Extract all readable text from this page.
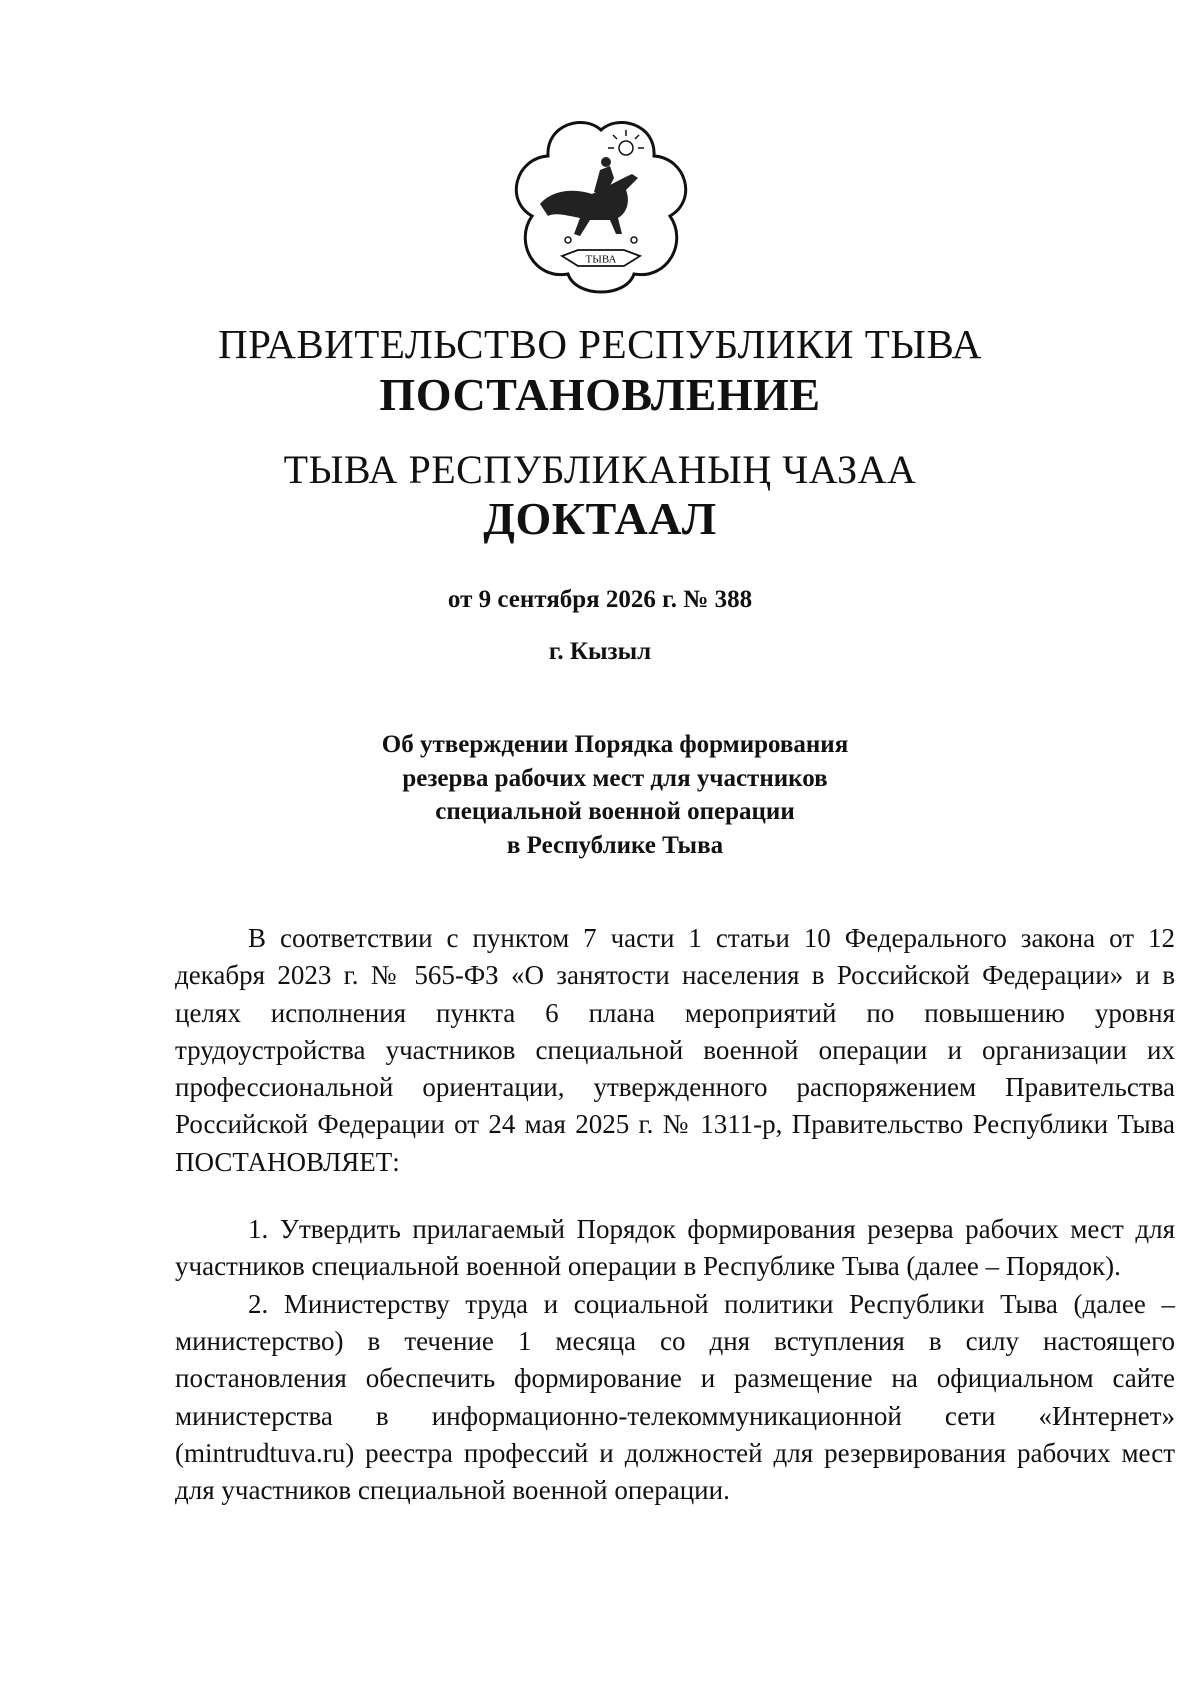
ТЫВА
ПРАВИТЕЛЬСТВО РЕСПУБЛИКИ ТЫВА
ПОСТАНОВЛЕНИЕ
ТЫВА РЕСПУБЛИКАНЫҢ ЧАЗАА
ДОКТААЛ
от 9 сентября 2026 г. № 388
г. Кызыл
Об утверждении Порядка формирования
резерва рабочих мест для участников
специальной военной операции
в Республике Тыва

В соответствии с пунктом 7 части 1 статьи 10 Федерального закона от 12 декабря 2023 г. № 565-ФЗ «О занятости населения в Российской Федерации» и в целях исполнения пункта 6 плана мероприятий по повышению уровня трудоустройства участников специальной военной операции и организации их профессиональной ориентации, утвержденного распоряжением Правительства Российской Федерации от 24 мая 2025 г. № 1311-р, Правительство Республики Тыва ПОСТАНОВЛЯЕТ:

1. Утвердить прилагаемый Порядок формирования резерва рабочих мест для участников специальной военной операции в Республике Тыва (далее – Порядок).

2. Министерству труда и социальной политики Республики Тыва (далее – министерство) в течение 1 месяца со дня вступления в силу настоящего постановления обеспечить формирование и размещение на официальном сайте министерства в информационно-телекоммуникационной сети «Интернет» (mintrudtuva.ru) реестра профессий и должностей для резервирования рабочих мест для участников специальной военной операции.
